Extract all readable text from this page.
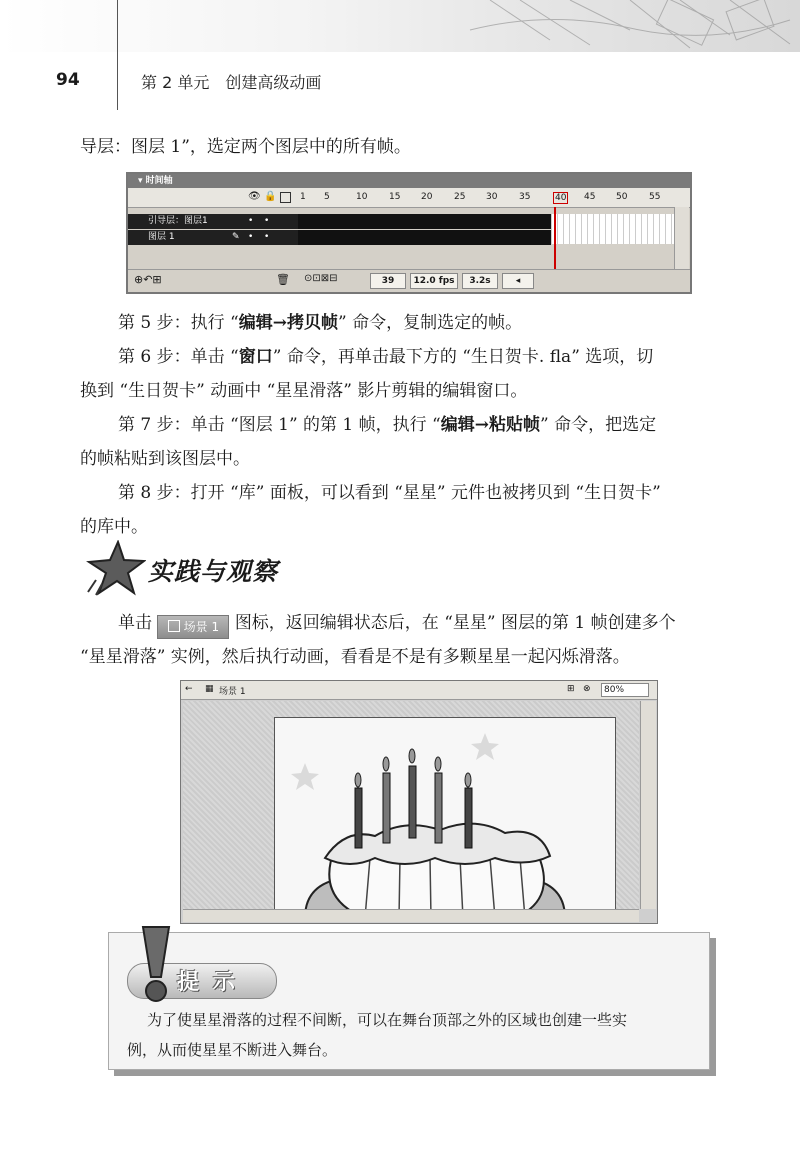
94	第 2 单元　创建高级动画
导层：图层 1”，选定两个图层中的所有帧。
▾ 时间轴
👁 🔒	1 5	10 15 20 25 30 35	40 45 50 55
引导层：图层1	• •
图层 1	✎ • •
⊕↶⊞	🗑 ⊙⊡⊠⊟	39	12.0 fps	3.2s	◂
第 5 步：执行 “编辑→拷贝帧” 命令，复制选定的帧。
第 6 步：单击 “窗口” 命令，再单击最下方的 “生日贺卡. fla” 选项，切
换到 “生日贺卡” 动画中 “星星滑落” 影片剪辑的编辑窗口。
第 7 步：单击 “图层 1” 的第 1 帧，执行 “编辑→粘贴帧” 命令，把选定
的帧粘贴到该图层中。
第 8 步：打开 “库” 面板，可以看到 “星星” 元件也被拷贝到 “生日贺卡”
的库中。
实践与观察
单击	场景 1 图标，返回编辑状态后，在 “星星” 图层的第 1 帧创建多个
“星星滑落” 实例，然后执行动画，看看是不是有多颗星星一起闪烁滑落。
← ▦ 场景 1	⊞ ⊗	80%
提示
为了使星星滑落的过程不间断，可以在舞台顶部之外的区域也创建一些实
例，从而使星星不断进入舞台。
